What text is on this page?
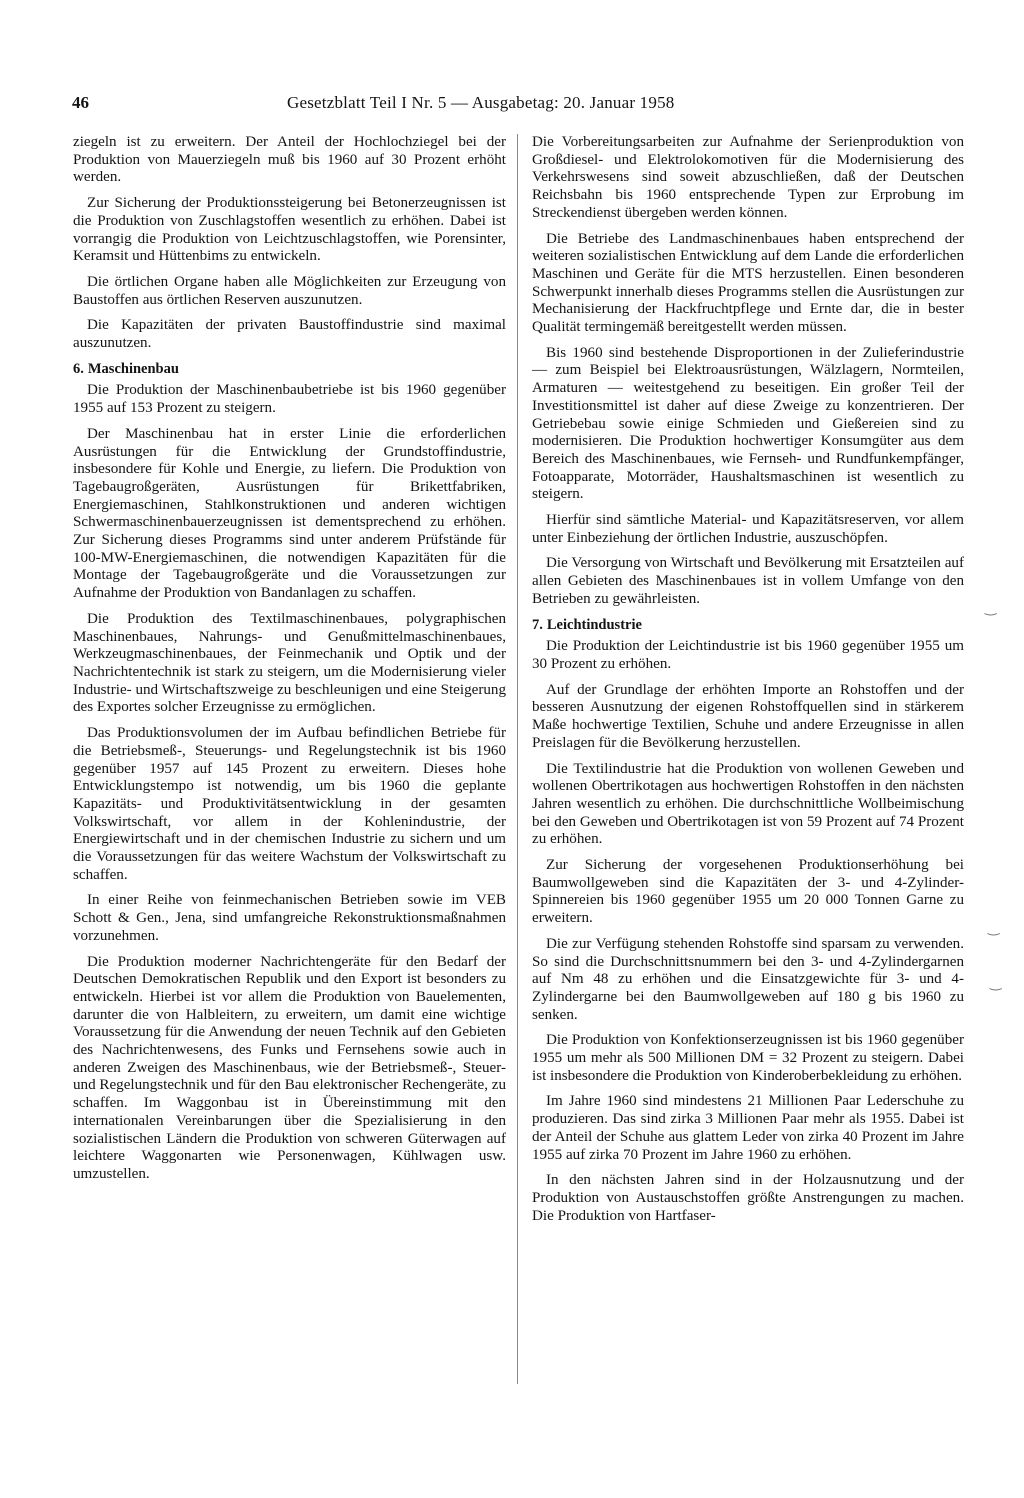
46	Gesetzblatt Teil I Nr. 5 — Ausgabetag: 20. Januar 1958

ziegeln ist zu erweitern. Der Anteil der Hochlochziegel bei der Produktion von Mauerziegeln muß bis 1960 auf 30 Prozent erhöht werden.

Zur Sicherung der Produktionssteigerung bei Betonerzeugnissen ist die Produktion von Zuschlagstoffen wesentlich zu erhöhen. Dabei ist vorrangig die Produktion von Leichtzuschlagstoffen, wie Porensinter, Keramsit und Hüttenbims zu entwickeln.

Die örtlichen Organe haben alle Möglichkeiten zur Erzeugung von Baustoffen aus örtlichen Reserven auszunutzen.

Die Kapazitäten der privaten Baustoffindustrie sind maximal auszunutzen.

6. Maschinenbau

Die Produktion der Maschinenbaubetriebe ist bis 1960 gegenüber 1955 auf 153 Prozent zu steigern.

Der Maschinenbau hat in erster Linie die erforderlichen Ausrüstungen für die Entwicklung der Grundstoffindustrie, insbesondere für Kohle und Energie, zu liefern. Die Produktion von Tagebaugroßgeräten, Ausrüstungen für Brikettfabriken, Energiemaschinen, Stahlkonstruktionen und anderen wichtigen Schwermaschinenbauerzeugnissen ist dementsprechend zu erhöhen. Zur Sicherung dieses Programms sind unter anderem Prüfstände für 100-MW-Energiemaschinen, die notwendigen Kapazitäten für die Montage der Tagebaugroßgeräte und die Voraussetzungen zur Aufnahme der Produktion von Bandanlagen zu schaffen.

Die Produktion des Textilmaschinenbaues, polygraphischen Maschinenbaues, Nahrungs- und Genußmittelmaschinenbaues, Werkzeugmaschinenbaues, der Feinmechanik und Optik und der Nachrichtentechnik ist stark zu steigern, um die Modernisierung vieler Industrie- und Wirtschaftszweige zu beschleunigen und eine Steigerung des Exportes solcher Erzeugnisse zu ermöglichen.

Das Produktionsvolumen der im Aufbau befindlichen Betriebe für die Betriebsmeß-, Steuerungs- und Regelungstechnik ist bis 1960 gegenüber 1957 auf 145 Prozent zu erweitern. Dieses hohe Entwicklungstempo ist notwendig, um bis 1960 die geplante Kapazitäts- und Produktivitätsentwicklung in der gesamten Volkswirtschaft, vor allem in der Kohlenindustrie, der Energiewirtschaft und in der chemischen Industrie zu sichern und um die Voraussetzungen für das weitere Wachstum der Volkswirtschaft zu schaffen.

In einer Reihe von feinmechanischen Betrieben sowie im VEB Schott & Gen., Jena, sind umfangreiche Rekonstruktionsmaßnahmen vorzunehmen.

Die Produktion moderner Nachrichtengeräte für den Bedarf der Deutschen Demokratischen Republik und den Export ist besonders zu entwickeln. Hierbei ist vor allem die Produktion von Bauelementen, darunter die von Halbleitern, zu erweitern, um damit eine wichtige Voraussetzung für die Anwendung der neuen Technik auf den Gebieten des Nachrichtenwesens, des Funks und Fernsehens sowie auch in anderen Zweigen des Maschinenbaus, wie der Betriebsmeß-, Steuer- und Regelungstechnik und für den Bau elektronischer Rechengeräte, zu schaffen. Im Waggonbau ist in Übereinstimmung mit den internationalen Vereinbarungen über die Spezialisierung in den sozialistischen Ländern die Produktion von schweren Güterwagen auf leichtere Waggonarten wie Personenwagen, Kühlwagen usw. umzustellen.

Die Vorbereitungsarbeiten zur Aufnahme der Serienproduktion von Großdiesel- und Elektrolokomotiven für die Modernisierung des Verkehrswesens sind soweit abzuschließen, daß der Deutschen Reichsbahn bis 1960 entsprechende Typen zur Erprobung im Streckendienst übergeben werden können.

Die Betriebe des Landmaschinenbaues haben entsprechend der weiteren sozialistischen Entwicklung auf dem Lande die erforderlichen Maschinen und Geräte für die MTS herzustellen. Einen besonderen Schwerpunkt innerhalb dieses Programms stellen die Ausrüstungen zur Mechanisierung der Hackfruchtpflege und Ernte dar, die in bester Qualität termingemäß bereitgestellt werden müssen.

Bis 1960 sind bestehende Disproportionen in der Zulieferindustrie — zum Beispiel bei Elektroausrüstungen, Wälzlagern, Normteilen, Armaturen — weitestgehend zu beseitigen. Ein großer Teil der Investitionsmittel ist daher auf diese Zweige zu konzentrieren. Der Getriebebau sowie einige Schmieden und Gießereien sind zu modernisieren. Die Produktion hochwertiger Konsumgüter aus dem Bereich des Maschinenbaues, wie Fernseh- und Rundfunkempfänger, Fotoapparate, Motorräder, Haushaltsmaschinen ist wesentlich zu steigern.

Hierfür sind sämtliche Material- und Kapazitätsreserven, vor allem unter Einbeziehung der örtlichen Industrie, auszuschöpfen.

Die Versorgung von Wirtschaft und Bevölkerung mit Ersatzteilen auf allen Gebieten des Maschinenbaues ist in vollem Umfange von den Betrieben zu gewährleisten.

7. Leichtindustrie

Die Produktion der Leichtindustrie ist bis 1960 gegenüber 1955 um 30 Prozent zu erhöhen.

Auf der Grundlage der erhöhten Importe an Rohstoffen und der besseren Ausnutzung der eigenen Rohstoffquellen sind in stärkerem Maße hochwertige Textilien, Schuhe und andere Erzeugnisse in allen Preislagen für die Bevölkerung herzustellen.

Die Textilindustrie hat die Produktion von wollenen Geweben und wollenen Obertrikotagen aus hochwertigen Rohstoffen in den nächsten Jahren wesentlich zu erhöhen. Die durchschnittliche Wollbeimischung bei den Geweben und Obertrikotagen ist von 59 Prozent auf 74 Prozent zu erhöhen.

Zur Sicherung der vorgesehenen Produktionserhöhung bei Baumwollgeweben sind die Kapazitäten der 3- und 4-Zylinder-Spinnereien bis 1960 gegenüber 1955 um 20 000 Tonnen Garne zu erweitern.

Die zur Verfügung stehenden Rohstoffe sind sparsam zu verwenden. So sind die Durchschnittsnummern bei den 3- und 4-Zylindergarnen auf Nm 48 zu erhöhen und die Einsatzgewichte für 3- und 4-Zylindergarne bei den Baumwollgeweben auf 180 g bis 1960 zu senken.

Die Produktion von Konfektionserzeugnissen ist bis 1960 gegenüber 1955 um mehr als 500 Millionen DM = 32 Prozent zu steigern. Dabei ist insbesondere die Produktion von Kinderoberbekleidung zu erhöhen.

Im Jahre 1960 sind mindestens 21 Millionen Paar Lederschuhe zu produzieren. Das sind zirka 3 Millionen Paar mehr als 1955. Dabei ist der Anteil der Schuhe aus glattem Leder von zirka 40 Prozent im Jahre 1955 auf zirka 70 Prozent im Jahre 1960 zu erhöhen.

In den nächsten Jahren sind in der Holzausnutzung und der Produktion von Austauschstoffen größte Anstrengungen zu machen. Die Produktion von Hartfaser-

‿
‿
‿
